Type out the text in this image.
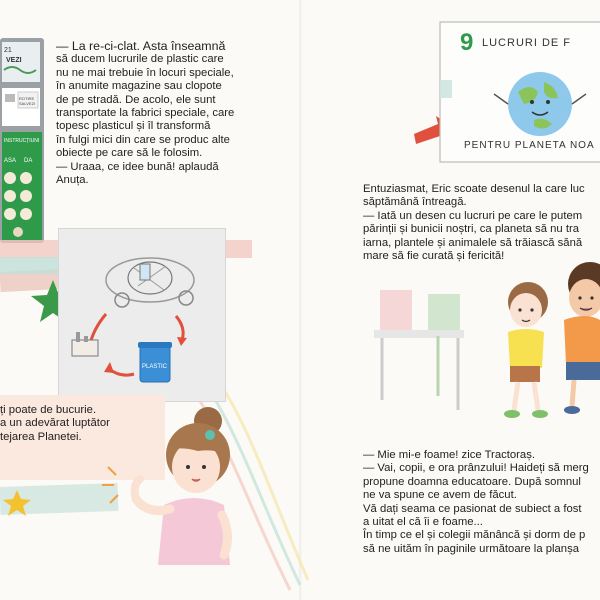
21
VEZI
ROTIRE
SALVEZI
INSTRUCȚIUNI
ASA DA

— La re-ci-clat. Asta înseamnă

să ducem lucrurile de plastic care

nu ne mai trebuie în locuri speciale,

în anumite magazine sau clopote

de pe stradă. De acolo, ele sunt

transportate la fabrici speciale, care

topesc plasticul și îl transformă

în fulgi mici din care se produc alte

obiecte pe care să le folosim.

— Uraaa, ce idee bună! aplaudă

Anuța.

PLASTIC

ți poate de bucurie.

a un adevărat luptător

tejarea Planetei.

9 LUCRURI DE F
PENTRU PLANETA NOA

Entuziasmat, Eric scoate desenul la care luc

săptămână întreagă.

— Iată un desen cu lucruri pe care le putem

părinții și bunicii noștri, ca planeta să nu tra

iarna, plantele și animalele să trăiască sănă

mare să fie curată și fericită!

— Mie mi-e foame! zice Tractoraș.

— Vai, copii, e ora prânzului! Haideți să merg

propune doamna educatoare. După somnul

ne va spune ce avem de făcut.

Vă dați seama ce pasionat de subiect a fost

a uitat el că îi e foame...

În timp ce el și colegii mănâncă și dorm de p

să ne uităm în paginile următoare la planșa
